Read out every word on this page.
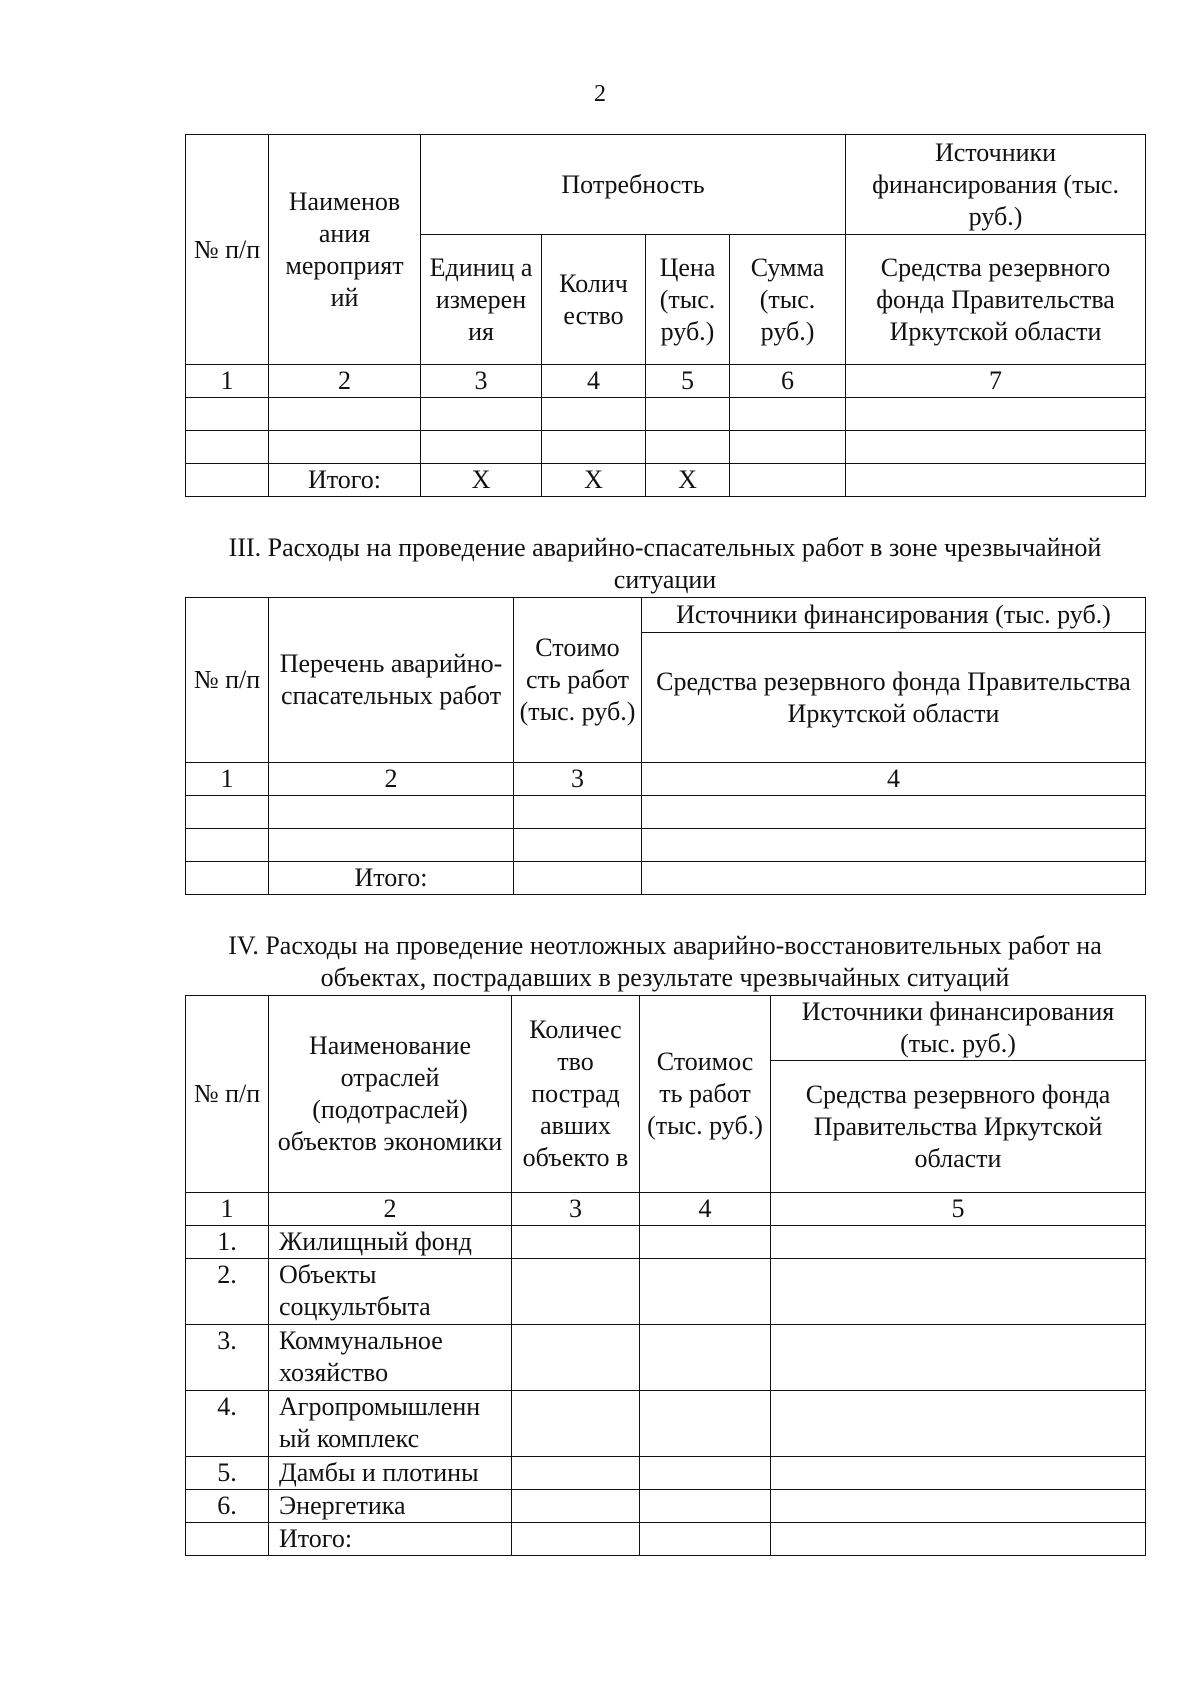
2
№ п/п	Наименов ания мероприят ий	Потребность				Источники финансирования (тыс. руб.)
		Единиц а измерен ия	Колич ество	Цена (тыс. руб.)	Сумма (тыс. руб.)	Средства резервного фонда Правительства Иркутской области
1	2	3	4	5	6	7

	Итого:	Х	Х	Х		
III. Расходы на проведение аварийно-спасательных работ в зоне чрезвычайной ситуации
№ п/п	Перечень аварийно- спасательных работ	Стоимо сть работ (тыс. руб.)	Источники финансирования (тыс. руб.)
			Средства резервного фонда Правительства Иркутской области
1	2	3	4

	Итого:		
IV. Расходы на проведение неотложных аварийно-восстановительных работ на объектах, пострадавших в результате чрезвычайных ситуаций
№ п/п	Наименование отраслей (подотраслей) объектов экономики	Количес тво пострад авших объекто в	Стоимос ть работ (тыс. руб.)	Источники финансирования (тыс. руб.)
				Средства резервного фонда Правительства Иркутской области
1	2	3	4	5
1.	Жилищный фонд			
2.	Объекты соцкультбыта			
3.	Коммунальное хозяйство			
4.	Агропромышленн ый комплекс			
5.	Дамбы и плотины			
6.	Энергетика			
	Итого:			
